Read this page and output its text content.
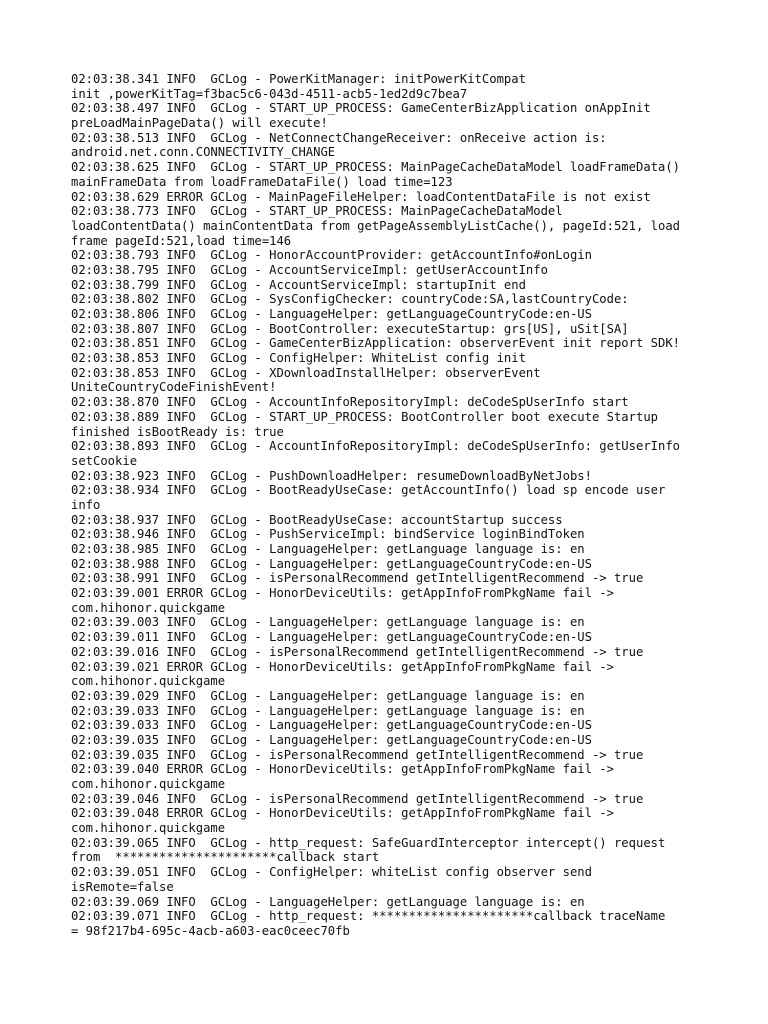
02:03:38.341 INFO  GCLog - PowerKitManager: initPowerKitCompat
init ,powerKitTag=f3bac5c6-043d-4511-acb5-1ed2d9c7bea7
02:03:38.497 INFO  GCLog - START_UP_PROCESS: GameCenterBizApplication onAppInit
preLoadMainPageData() will execute!
02:03:38.513 INFO  GCLog - NetConnectChangeReceiver: onReceive action is:
android.net.conn.CONNECTIVITY_CHANGE
02:03:38.625 INFO  GCLog - START_UP_PROCESS: MainPageCacheDataModel loadFrameData()
mainFrameData from loadFrameDataFile() load time=123
02:03:38.629 ERROR GCLog - MainPageFileHelper: loadContentDataFile is not exist
02:03:38.773 INFO  GCLog - START_UP_PROCESS: MainPageCacheDataModel
loadContentData() mainContentData from getPageAssemblyListCache(), pageId:521, load
frame pageId:521,load time=146
02:03:38.793 INFO  GCLog - HonorAccountProvider: getAccountInfo#onLogin
02:03:38.795 INFO  GCLog - AccountServiceImpl: getUserAccountInfo
02:03:38.799 INFO  GCLog - AccountServiceImpl: startupInit end
02:03:38.802 INFO  GCLog - SysConfigChecker: countryCode:SA,lastCountryCode:
02:03:38.806 INFO  GCLog - LanguageHelper: getLanguageCountryCode:en-US
02:03:38.807 INFO  GCLog - BootController: executeStartup: grs[US], uSit[SA]
02:03:38.851 INFO  GCLog - GameCenterBizApplication: observerEvent init report SDK!
02:03:38.853 INFO  GCLog - ConfigHelper: WhiteList config init
02:03:38.853 INFO  GCLog - XDownloadInstallHelper: observerEvent
UniteCountryCodeFinishEvent!
02:03:38.870 INFO  GCLog - AccountInfoRepositoryImpl: deCodeSpUserInfo start
02:03:38.889 INFO  GCLog - START_UP_PROCESS: BootController boot execute Startup
finished isBootReady is: true
02:03:38.893 INFO  GCLog - AccountInfoRepositoryImpl: deCodeSpUserInfo: getUserInfo
setCookie
02:03:38.923 INFO  GCLog - PushDownloadHelper: resumeDownloadByNetJobs!
02:03:38.934 INFO  GCLog - BootReadyUseCase: getAccountInfo() load sp encode user
info
02:03:38.937 INFO  GCLog - BootReadyUseCase: accountStartup success
02:03:38.946 INFO  GCLog - PushServiceImpl: bindService loginBindToken
02:03:38.985 INFO  GCLog - LanguageHelper: getLanguage language is: en
02:03:38.988 INFO  GCLog - LanguageHelper: getLanguageCountryCode:en-US
02:03:38.991 INFO  GCLog - isPersonalRecommend getIntelligentRecommend -> true
02:03:39.001 ERROR GCLog - HonorDeviceUtils: getAppInfoFromPkgName fail ->
com.hihonor.quickgame
02:03:39.003 INFO  GCLog - LanguageHelper: getLanguage language is: en
02:03:39.011 INFO  GCLog - LanguageHelper: getLanguageCountryCode:en-US
02:03:39.016 INFO  GCLog - isPersonalRecommend getIntelligentRecommend -> true
02:03:39.021 ERROR GCLog - HonorDeviceUtils: getAppInfoFromPkgName fail ->
com.hihonor.quickgame
02:03:39.029 INFO  GCLog - LanguageHelper: getLanguage language is: en
02:03:39.033 INFO  GCLog - LanguageHelper: getLanguage language is: en
02:03:39.033 INFO  GCLog - LanguageHelper: getLanguageCountryCode:en-US
02:03:39.035 INFO  GCLog - LanguageHelper: getLanguageCountryCode:en-US
02:03:39.035 INFO  GCLog - isPersonalRecommend getIntelligentRecommend -> true
02:03:39.040 ERROR GCLog - HonorDeviceUtils: getAppInfoFromPkgName fail ->
com.hihonor.quickgame
02:03:39.046 INFO  GCLog - isPersonalRecommend getIntelligentRecommend -> true
02:03:39.048 ERROR GCLog - HonorDeviceUtils: getAppInfoFromPkgName fail ->
com.hihonor.quickgame
02:03:39.065 INFO  GCLog - http_request: SafeGuardInterceptor intercept() request
from  **********************callback start
02:03:39.051 INFO  GCLog - ConfigHelper: whiteList config observer send
isRemote=false
02:03:39.069 INFO  GCLog - LanguageHelper: getLanguage language is: en
02:03:39.071 INFO  GCLog - http_request: **********************callback traceName
= 98f217b4-695c-4acb-a603-eac0ceec70fb
